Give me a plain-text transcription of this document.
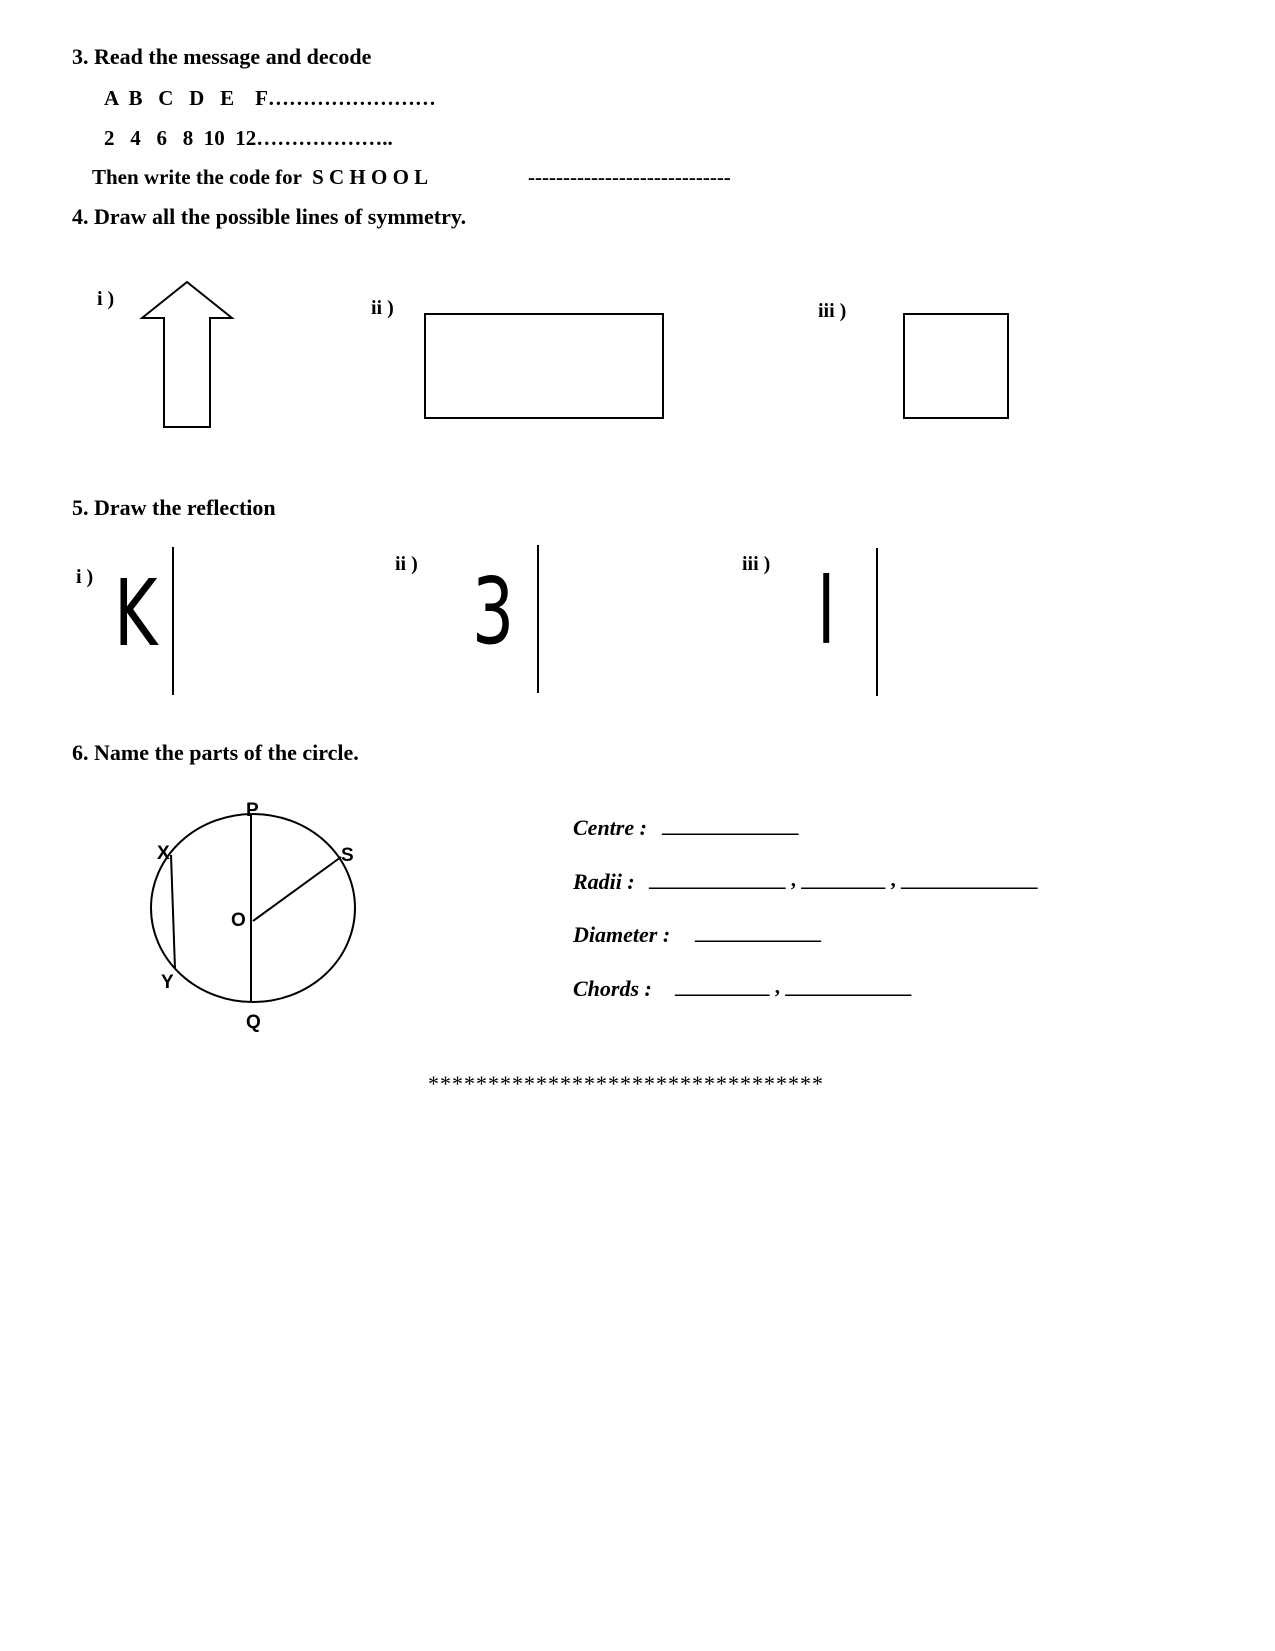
3. Read the message and decode
A  B   C   D   E    F……………………
2   4   6   8  10  12………………..
Then write the code for  S C H O O L	-----------------------------
4. Draw all the possible lines of symmetry.
i )	ii )	iii )
5. Draw the reflection
i ) K	ii ) 3	iii ) l
6. Name the parts of the circle.
P
Q
O
S
X
Y
Centre : _____________
Radii : _____________ , ________ , _____________
Diameter : ____________
Chords : _________ , ____________
*********************************
